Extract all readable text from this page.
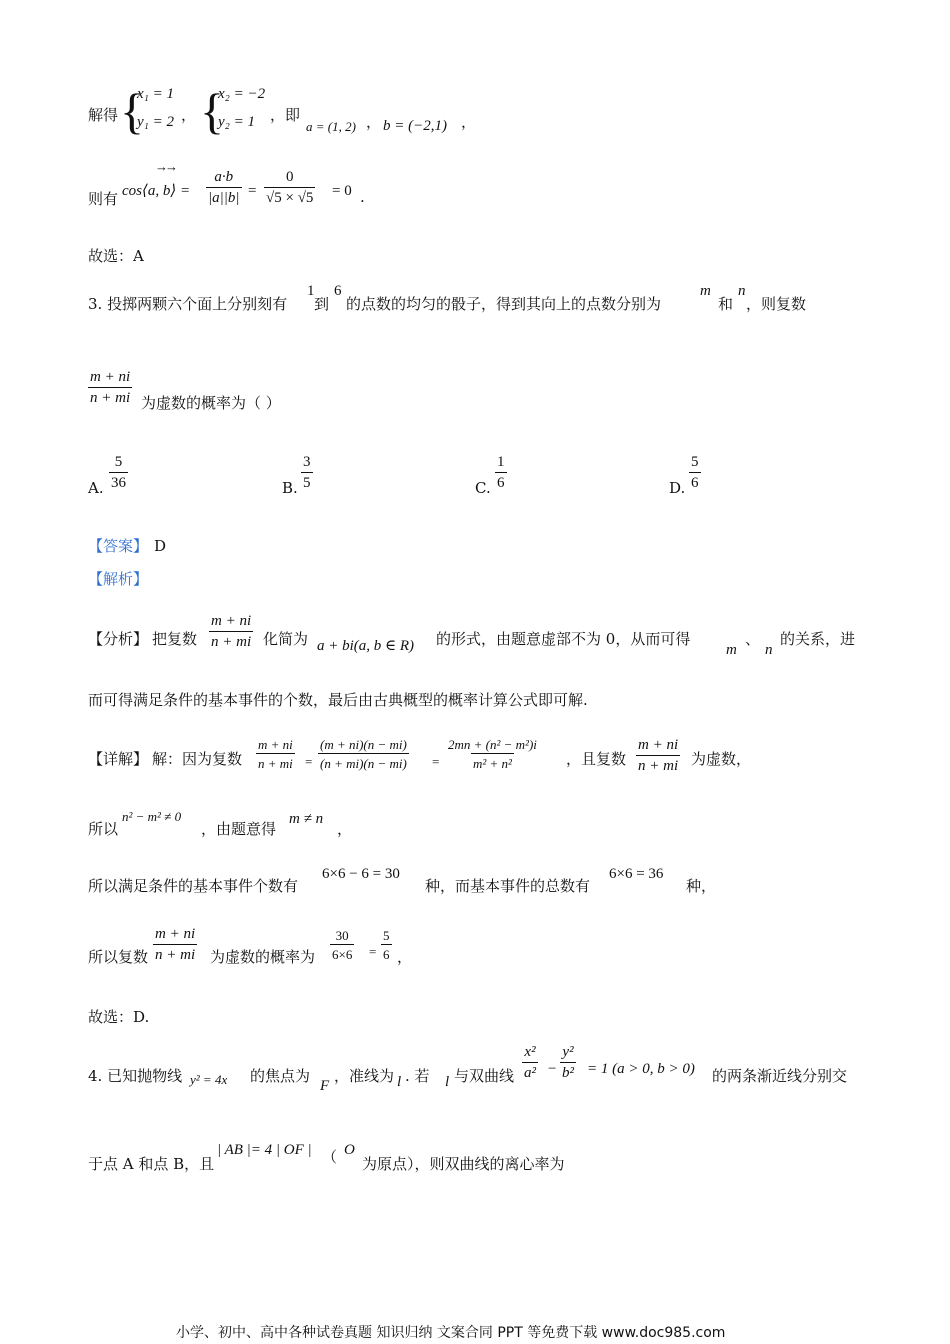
解得 {
x₁ = 1
y₁ = 2 ， {
x₂ = −2
y₂ = 1 ，即
a = (1, 2) ， b = (−2,1) ，
则有
→→
cos⟨a, b⟩ = $\frac{a\cdot b}{|a||b|} = \frac{0}{√5 \times √5} = 0$ .
故选：A
3. 投掷两颗六个面上分别刻有
1
到
6
的点数的均匀的骰子，得到其向上的点数分别为
m
和
n
，则复数
$\frac{m + ni}{n + mi}$ 为虚数的概率为（ ）
A. $\frac{5}{36}$	B. $\frac{3}{5}$	C. $\frac{1}{6}$	D. $\frac{5}{6}$
【答案】 D
【解析】
【分析】 把复数 $\frac{m + ni}{n + mi}$ 化简为 a + bi(a, b ∈ R) 的形式，由题意虚部不为 0，从而可得
m
、
n
的关系，进
而可得满足条件的基本事件的个数，最后由古典概型的概率计算公式即可解.
【详解】 解：因为复数 $\frac{m + ni}{n + mi} = \frac{(m + ni)(n - mi)}{(n + mi)(n - mi)} = \frac{\text{2mn + (n² − m²)i}}{\text{m² + n²}}$ ，且复数 $\frac{m + ni}{n + mi}$ 为虚数，
所以
n² − m² ≠ 0
，由题意得
m ≠ n
，
所以满足条件的基本事件个数有
6×6 − 6 = 30
种，而基本事件的总数有
6×6 = 36
种，
所以复数 $\frac{m + ni}{n + mi}$ 为虚数的概率为 $\frac{30}{6\times 6} = \frac{5}{6}$ ，
故选：D.
4. 已知抛物线 y² = 4x 的焦点为
F
，准线为 l . 若 l 与双曲线 $\frac{\text{x²}}{\text{a²}} - \frac{\text{y²}}{\text{b²}} = 1$ (a > 0, b > 0) 的两条渐近线分别交
于点 A 和点 B，且
| AB |= 4 | OF | （ O
为原点），则双曲线的离心率为
小学、初中、高中各种试卷真题 知识归纳 文案合同 PPT 等免费下载 www.doc985.com
